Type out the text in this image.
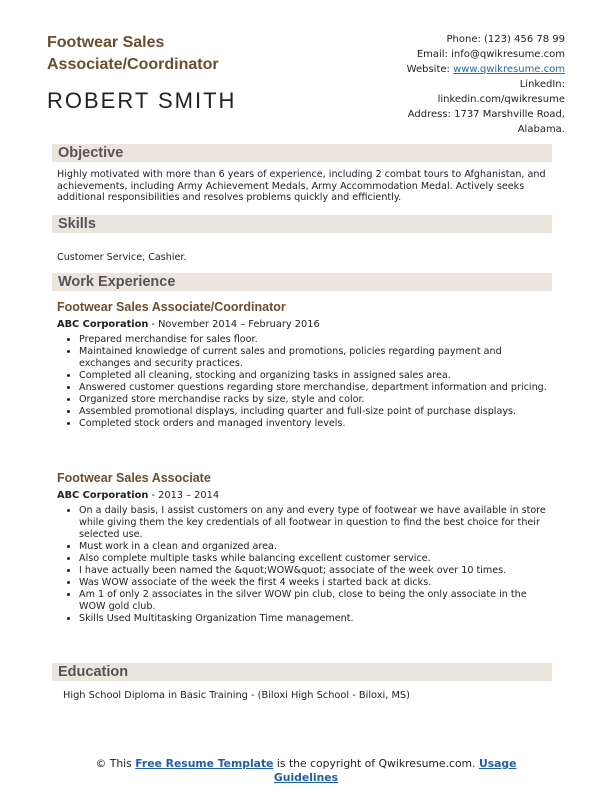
Footwear Sales Associate/Coordinator
ROBERT SMITH
Phone: (123) 456 78 99
Email: info@qwikresume.com
Website: www.qwikresume.com
LinkedIn:
linkedin.com/qwikresume
Address: 1737 Marshville Road,
Alabama.
Objective
Highly motivated with more than 6 years of experience, including 2 combat tours to Afghanistan, and achievements, including Army Achievement Medals, Army Accommodation Medal. Actively seeks additional responsibilities and resolves problems quickly and efficiently.
Skills
Customer Service, Cashier.
Work Experience
Footwear Sales Associate/Coordinator
ABC Corporation - November 2014 – February 2016
• Prepared merchandise for sales floor.
• Maintained knowledge of current sales and promotions, policies regarding payment and exchanges and security practices.
• Completed all cleaning, stocking and organizing tasks in assigned sales area.
• Answered customer questions regarding store merchandise, department information and pricing.
• Organized store merchandise racks by size, style and color.
• Assembled promotional displays, including quarter and full-size point of purchase displays.
• Completed stock orders and managed inventory levels.
Footwear Sales Associate
ABC Corporation - 2013 – 2014
• On a daily basis, I assist customers on any and every type of footwear we have available in store while giving them the key credentials of all footwear in question to find the best choice for their selected use.
• Must work in a clean and organized area.
• Also complete multiple tasks while balancing excellent customer service.
• I have actually been named the &quot;WOW&quot; associate of the week over 10 times.
• Was WOW associate of the week the first 4 weeks i started back at dicks.
• Am 1 of only 2 associates in the silver WOW pin club, close to being the only associate in the WOW gold club.
• Skills Used Multitasking Organization Time management.
Education
High School Diploma in Basic Training - (Biloxi High School - Biloxi, MS)
© This Free Resume Template is the copyright of Qwikresume.com. Usage
Guidelines
